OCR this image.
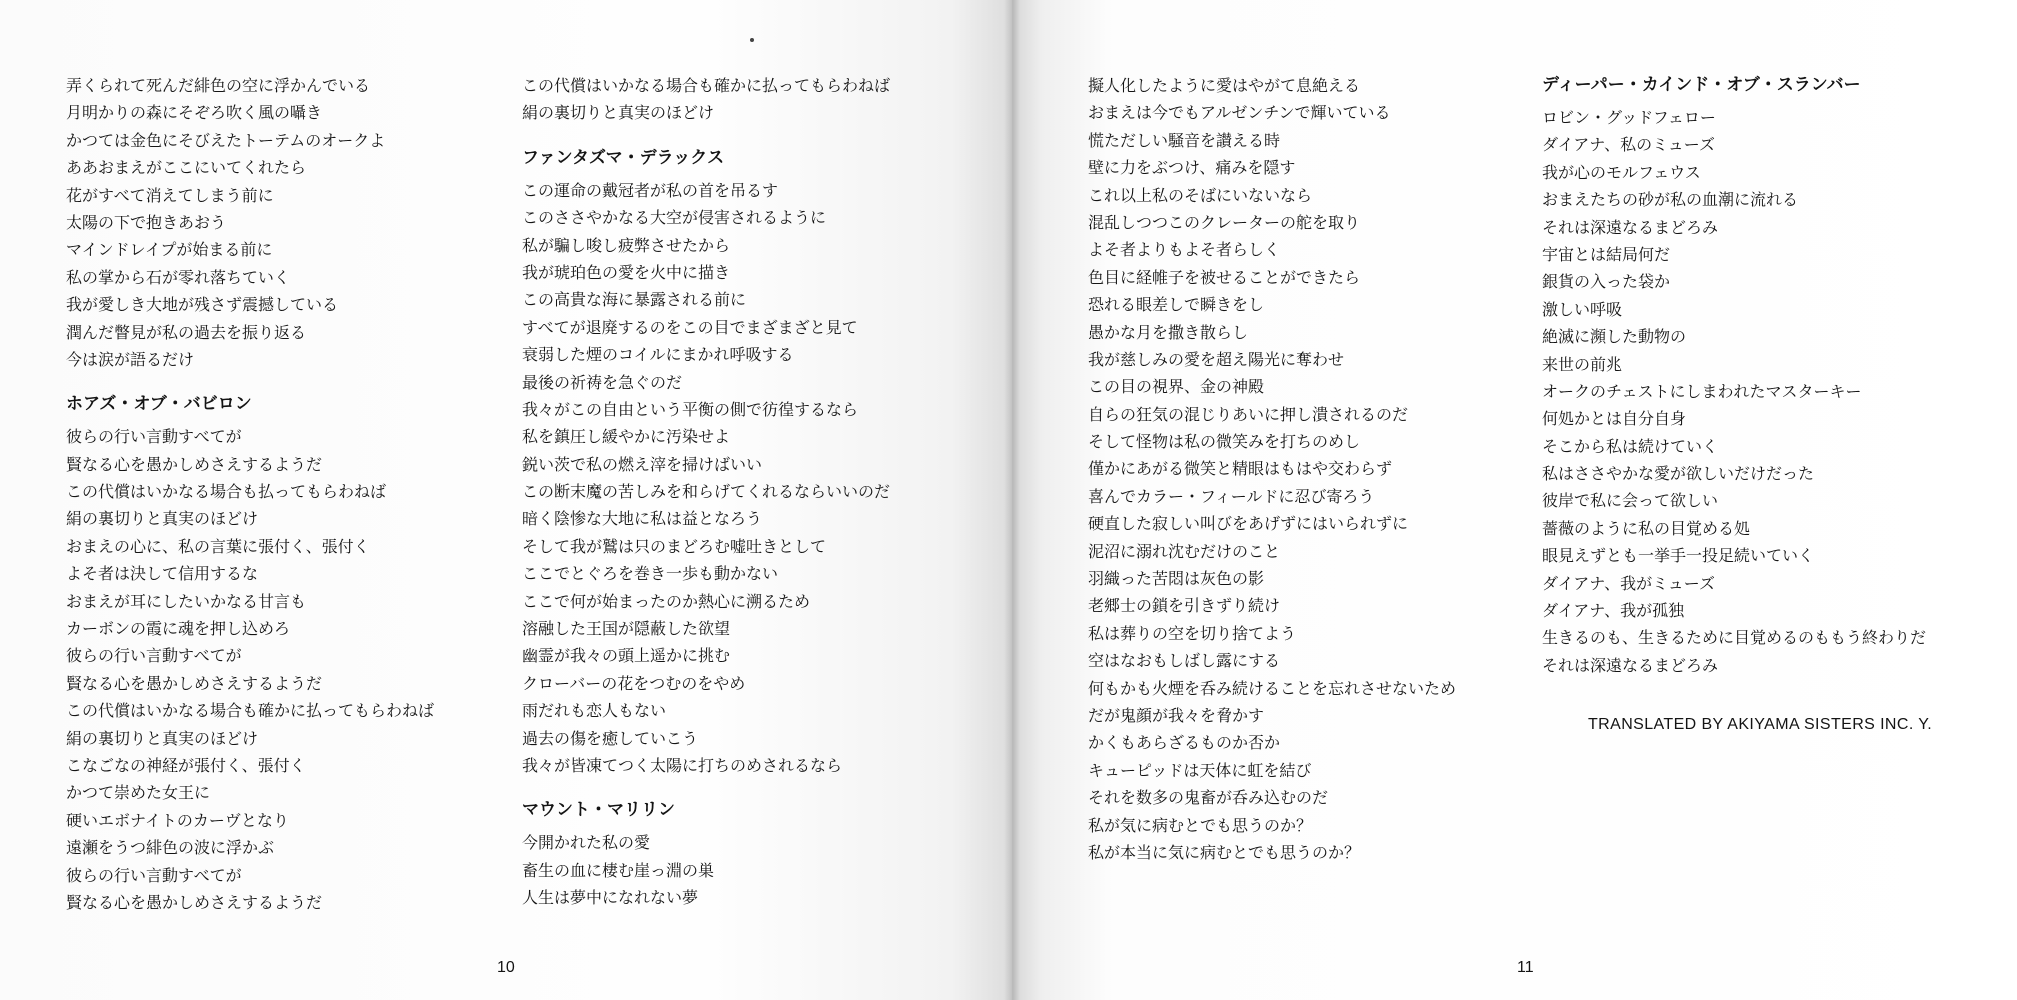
弄くられて死んだ緋色の空に浮かんでいる
月明かりの森にそぞろ吹く風の囁き
かつては金色にそびえたトーテムのオークよ
ああおまえがここにいてくれたら
花がすべて消えてしまう前に
太陽の下で抱きあおう
マインドレイプが始まる前に
私の掌から石が零れ落ちていく
我が愛しき大地が残さず震撼している
潤んだ瞥見が私の過去を振り返る
今は涙が語るだけ
ホアズ・オブ・バビロン
彼らの行い言動すべてが
賢なる心を愚かしめさえするようだ
この代償はいかなる場合も払ってもらわねば
絹の裏切りと真実のほどけ
おまえの心に、私の言葉に張付く、張付く
よそ者は決して信用するな
おまえが耳にしたいかなる甘言も
カーボンの霞に魂を押し込めろ
彼らの行い言動すべてが
賢なる心を愚かしめさえするようだ
この代償はいかなる場合も確かに払ってもらわねば
絹の裏切りと真実のほどけ
こなごなの神経が張付く、張付く
かつて崇めた女王に
硬いエボナイトのカーヴとなり
遠瀬をうつ緋色の波に浮かぶ
彼らの行い言動すべてが
賢なる心を愚かしめさえするようだ
この代償はいかなる場合も確かに払ってもらわねば
絹の裏切りと真実のほどけ
ファンタズマ・デラックス
この運命の戴冠者が私の首を吊るす
このささやかなる大空が侵害されるように
私が騙し唆し疲弊させたから
我が琥珀色の愛を火中に描き
この高貴な海に暴露される前に
すべてが退廃するのをこの目でまざまざと見て
衰弱した煙のコイルにまかれ呼吸する
最後の祈祷を急ぐのだ
我々がこの自由という平衡の側で彷徨するなら
私を鎮圧し緩やかに汚染せよ
鋭い茨で私の燃え滓を掃けばいい
この断末魔の苦しみを和らげてくれるならいいのだ
暗く陰惨な大地に私は益となろう
そして我が鷲は只のまどろむ嘘吐きとして
ここでとぐろを巻き一歩も動かない
ここで何が始まったのか熱心に溯るため
溶融した王国が隠蔽した欲望
幽霊が我々の頭上遥かに挑む
クローバーの花をつむのをやめ
雨だれも恋人もない
過去の傷を癒していこう
我々が皆凍てつく太陽に打ちのめされるなら
マウント・マリリン
今開かれた私の愛
畜生の血に棲む崖っ淵の巣
人生は夢中になれない夢
10
擬人化したように愛はやがて息絶える
おまえは今でもアルゼンチンで輝いている
慌ただしい騒音を讃える時
壁に力をぶつけ、痛みを隠す
これ以上私のそばにいないなら
混乱しつつこのクレーターの舵を取り
よそ者よりもよそ者らしく
色目に経帷子を被せることができたら
恐れる眼差しで瞬きをし
愚かな月を撒き散らし
我が慈しみの愛を超え陽光に奪わせ
この目の視界、金の神殿
自らの狂気の混じりあいに押し潰されるのだ
そして怪物は私の微笑みを打ちのめし
僅かにあがる微笑と精眼はもはや交わらず
喜んでカラー・フィールドに忍び寄ろう
硬直した寂しい叫びをあげずにはいられずに
泥沼に溺れ沈むだけのこと
羽織った苦悶は灰色の影
老郷士の鎖を引きずり続け
私は葬りの空を切り捨てよう
空はなおもしばし露にする
何もかも火煙を呑み続けることを忘れさせないため
だが鬼顔が我々を脅かす
かくもあらざるものか否か
キューピッドは天体に虹を結び
それを数多の鬼畜が呑み込むのだ
私が気に病むとでも思うのか？
私が本当に気に病むとでも思うのか？
ディーパー・カインド・オブ・スランバー
ロビン・グッドフェロー
ダイアナ、私のミューズ
我が心のモルフェウス
おまえたちの砂が私の血潮に流れる
それは深遠なるまどろみ
宇宙とは結局何だ
銀貨の入った袋か
激しい呼吸
絶滅に瀕した動物の
来世の前兆
オークのチェストにしまわれたマスターキー
何処かとは自分自身
そこから私は続けていく
私はささやかな愛が欲しいだけだった
彼岸で私に会って欲しい
薔薇のように私の目覚める処
眼見えずとも一挙手一投足続いていく
ダイアナ、我がミューズ
ダイアナ、我が孤独
生きるのも、生きるために目覚めるのももう終わりだ
それは深遠なるまどろみ
TRANSLATED BY AKIYAMA SISTERS INC. Y.
11
